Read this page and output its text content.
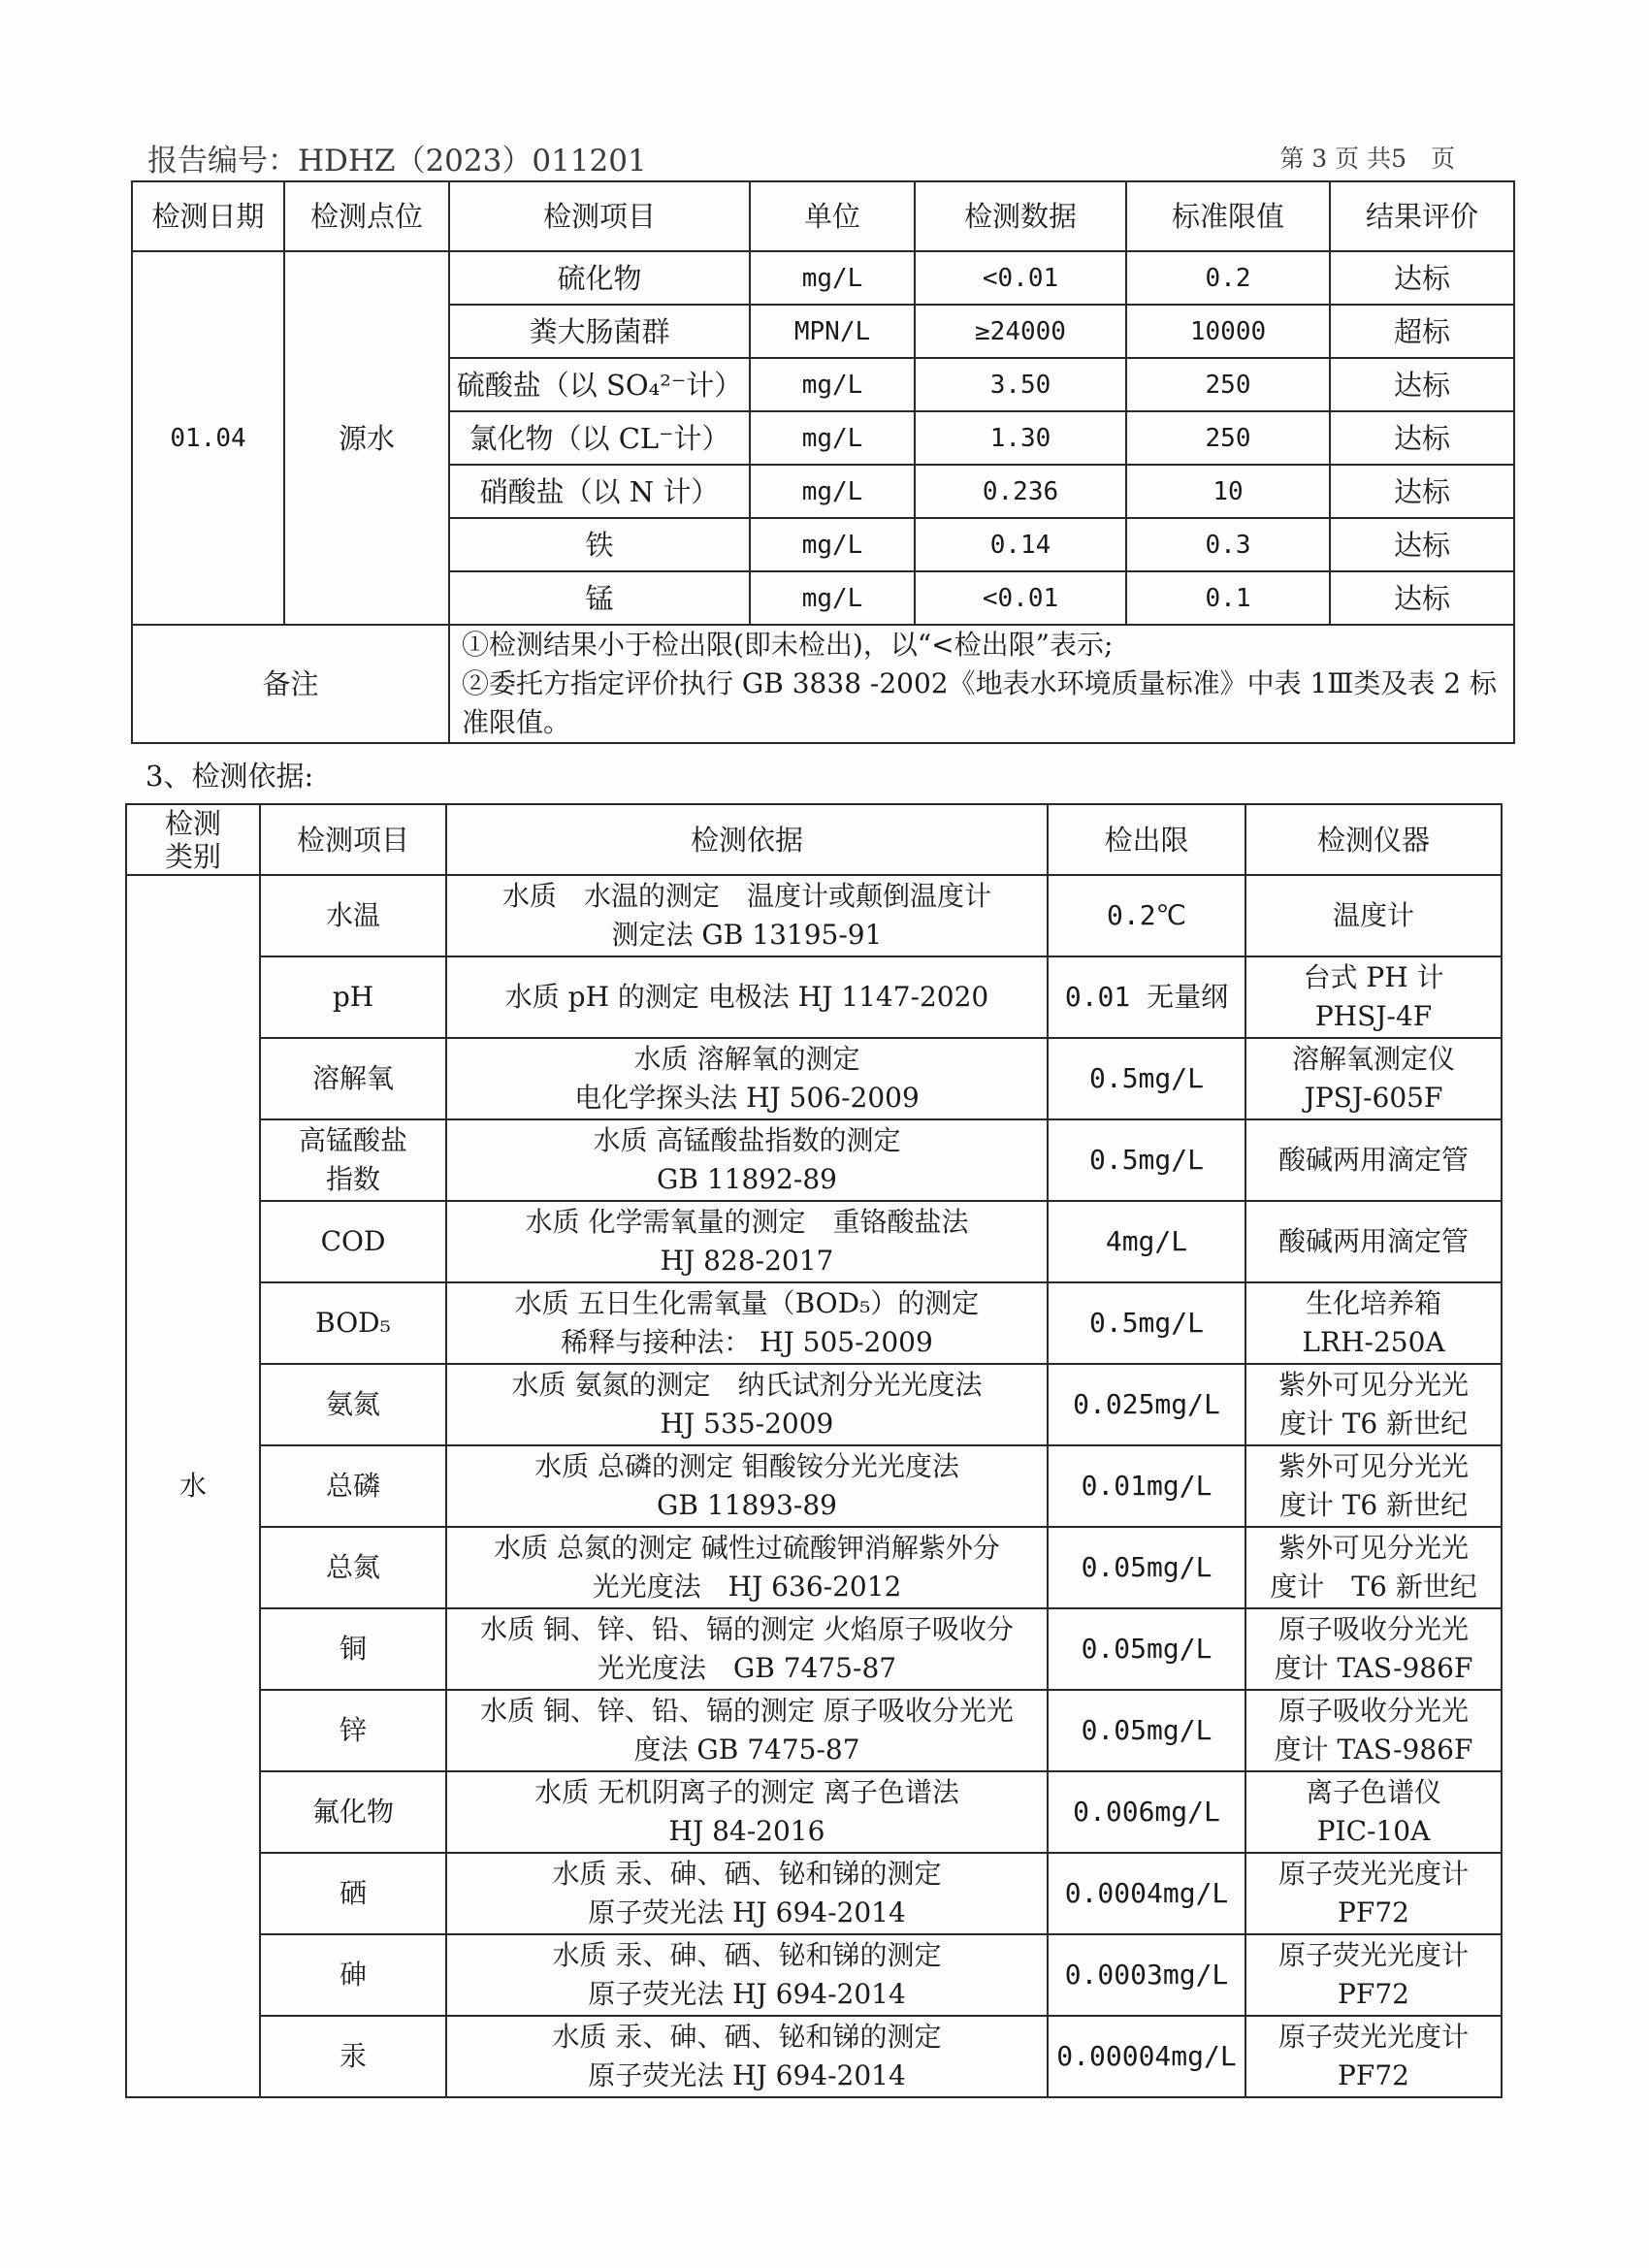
报告编号：HDHZ（2023）011201	第 3 页 共5　页
检测日期	检测点位	检测项目	单位	检测数据	标准限值	结果评价
01.04	源水	硫化物	mg/L	<0.01	0.2	达标
		粪大肠菌群	MPN/L	≥24000	10000	超标
		硫酸盐（以 SO₄²⁻计）	mg/L	3.50	250	达标
		氯化物（以 CL⁻计）	mg/L	1.30	250	达标
		硝酸盐（以 N 计）	mg/L	0.236	10	达标
		铁	mg/L	0.14	0.3	达标
		锰	mg/L	<0.01	0.1	达标
备注		①检测结果小于检出限(即未检出)，以“<检出限”表示;
②委托方指定评价执行 GB 3838 -2002《地表水环境质量标准》中表 1Ⅲ类及表 2 标准限值。				
3、检测依据:
检测
类别	检测项目	检测依据	检出限	检测仪器
水	水温	水质　水温的测定　温度计或颠倒温度计
测定法 GB 13195-91	0.2℃	温度计
	pH	水质 pH 的测定 电极法 HJ 1147-2020	0.01 无量纲	台式 PH 计
PHSJ-4F
	溶解氧	水质 溶解氧的测定
电化学探头法 HJ 506-2009	0.5mg/L	溶解氧测定仪
JPSJ-605F
	高锰酸盐
指数	水质 高锰酸盐指数的测定
GB 11892-89	0.5mg/L	酸碱两用滴定管
	COD	水质 化学需氧量的测定　重铬酸盐法
HJ 828-2017	4mg/L	酸碱两用滴定管
	BOD₅	水质 五日生化需氧量（BOD₅）的测定
稀释与接种法： HJ 505-2009	0.5mg/L	生化培养箱
LRH-250A
	氨氮	水质 氨氮的测定　纳氏试剂分光光度法
HJ 535-2009	0.025mg/L	紫外可见分光光
度计 T6 新世纪
	总磷	水质 总磷的测定 钼酸铵分光光度法
GB 11893-89	0.01mg/L	紫外可见分光光
度计 T6 新世纪
	总氮	水质 总氮的测定 碱性过硫酸钾消解紫外分
光光度法　HJ 636-2012	0.05mg/L	紫外可见分光光
度计　T6 新世纪
	铜	水质 铜、锌、铅、镉的测定 火焰原子吸收分
光光度法　GB 7475-87	0.05mg/L	原子吸收分光光
度计 TAS-986F
	锌	水质 铜、锌、铅、镉的测定 原子吸收分光光
度法 GB 7475-87	0.05mg/L	原子吸收分光光
度计 TAS-986F
	氟化物	水质 无机阴离子的测定 离子色谱法
HJ 84-2016	0.006mg/L	离子色谱仪
PIC-10A
	硒	水质 汞、砷、硒、铋和锑的测定
原子荧光法 HJ 694-2014	0.0004mg/L	原子荧光光度计
PF72
	砷	水质 汞、砷、硒、铋和锑的测定
原子荧光法 HJ 694-2014	0.0003mg/L	原子荧光光度计
PF72
	汞	水质 汞、砷、硒、铋和锑的测定
原子荧光法 HJ 694-2014	0.00004mg/L	原子荧光光度计
PF72
